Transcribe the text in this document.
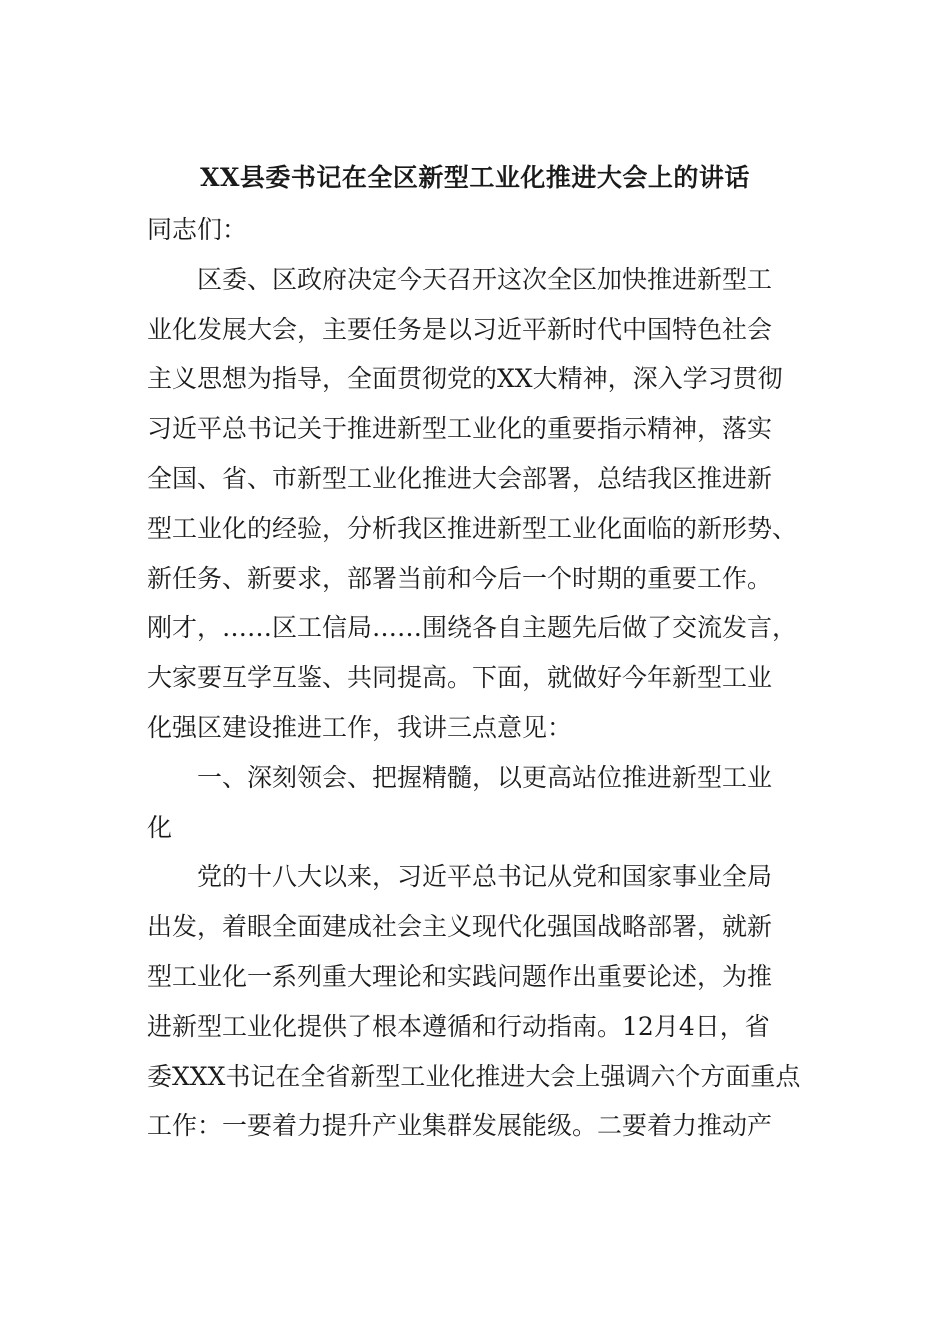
XX县委书记在全区新型工业化推进大会上的讲话
同志们：
区委、区政府决定今天召开这次全区加快推进新型工
业化发展大会，主要任务是以习近平新时代中国特色社会
主义思想为指导，全面贯彻党的XX大精神，深入学习贯彻
习近平总书记关于推进新型工业化的重要指示精神，落实
全国、省、市新型工业化推进大会部署，总结我区推进新
型工业化的经验，分析我区推进新型工业化面临的新形势、
新任务、新要求，部署当前和今后一个时期的重要工作。
刚才，……区工信局……围绕各自主题先后做了交流发言，
大家要互学互鉴、共同提高。下面，就做好今年新型工业
化强区建设推进工作，我讲三点意见：
一、深刻领会、把握精髓，以更高站位推进新型工业
化
党的十八大以来，习近平总书记从党和国家事业全局
出发，着眼全面建成社会主义现代化强国战略部署，就新
型工业化一系列重大理论和实践问题作出重要论述，为推
进新型工业化提供了根本遵循和行动指南。12月4日，省
委XXX书记在全省新型工业化推进大会上强调六个方面重点
工作：一要着力提升产业集群发展能级。二要着力推动产
